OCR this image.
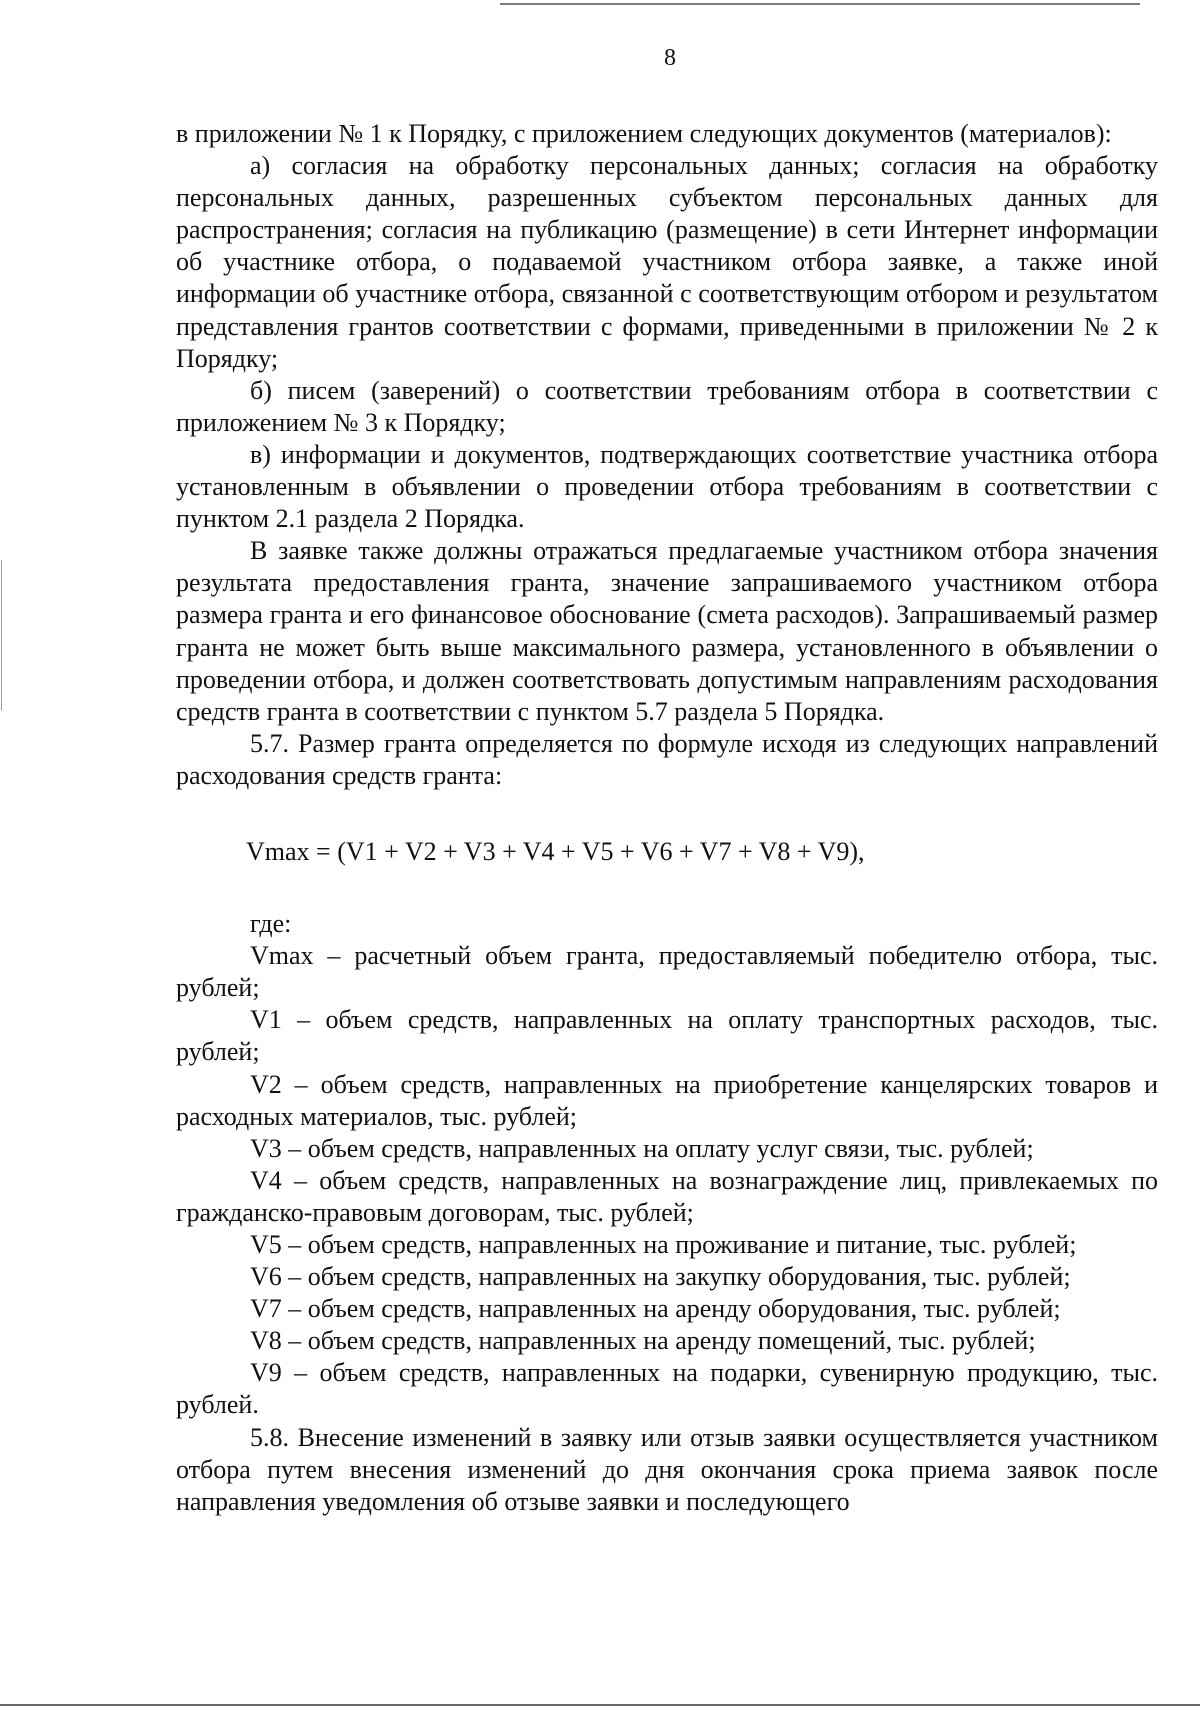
8

в приложении № 1 к Порядку, с приложением следующих документов (материалов):

а) согласия на обработку персональных данных; согласия на обработку персональных данных, разрешенных субъектом персональных данных для распространения; согласия на публикацию (размещение) в сети Интернет информации об участнике отбора, о подаваемой участником отбора заявке, а также иной информации об участнике отбора, связанной с соответствующим отбором и результатом представления грантов соответствии с формами, приведенными в приложении № 2 к Порядку;

б) писем (заверений) о соответствии требованиям отбора в соответствии с приложением № 3 к Порядку;

в) информации и документов, подтверждающих соответствие участника отбора установленным в объявлении о проведении отбора требованиям в соответствии с пунктом 2.1 раздела 2 Порядка.

В заявке также должны отражаться предлагаемые участником отбора значения результата предоставления гранта, значение запрашиваемого участником отбора размера гранта и его финансовое обоснование (смета расходов). Запрашиваемый размер гранта не может быть выше максимального размера, установленного в объявлении о проведении отбора, и должен соответствовать допустимым направлениям расходования средств гранта в соответствии с пунктом 5.7 раздела 5 Порядка.

5.7. Размер гранта определяется по формуле исходя из следующих направлений расходования средств гранта:

Vmax = (V1 + V2 + V3 + V4 + V5 + V6 + V7 + V8 + V9),

где:

Vmax – расчетный объем гранта, предоставляемый победителю отбора, тыс. рублей;

V1 – объем средств, направленных на оплату транспортных расходов, тыс. рублей;

V2 – объем средств, направленных на приобретение канцелярских товаров и расходных материалов, тыс. рублей;

V3 – объем средств, направленных на оплату услуг связи, тыс. рублей;

V4 – объем средств, направленных на вознаграждение лиц, привлекаемых по гражданско-правовым договорам, тыс. рублей;

V5 – объем средств, направленных на проживание и питание, тыс. рублей;

V6 – объем средств, направленных на закупку оборудования, тыс. рублей;

V7 – объем средств, направленных на аренду оборудования, тыс. рублей;

V8 – объем средств, направленных на аренду помещений, тыс. рублей;

V9 – объем средств, направленных на подарки, сувенирную продукцию, тыс. рублей.

5.8. Внесение изменений в заявку или отзыв заявки осуществляется участником отбора путем внесения изменений до дня окончания срока приема заявок после направления уведомления об отзыве заявки и последующего
